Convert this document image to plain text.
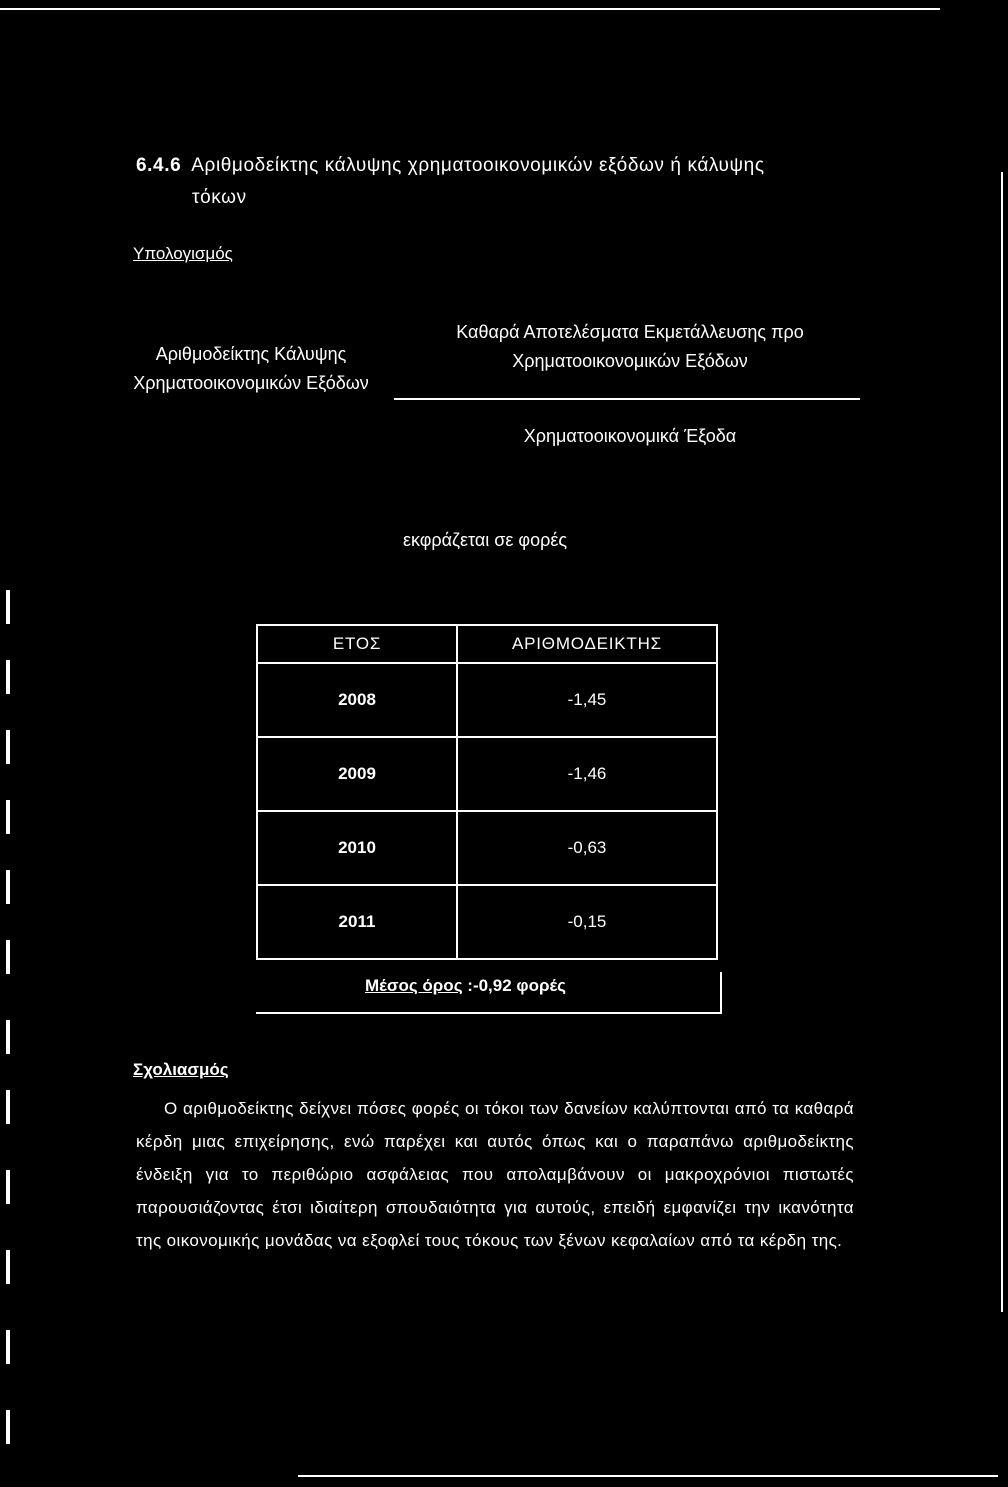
6.4.6 Αριθμοδείκτης κάλυψης χρηματοοικονομικών εξόδων ή κάλυψης
τόκων
Υπολογισμός
Αριθμοδείκτης Κάλυψης Χρηματοοικονομικών Εξόδων
Καθαρά Αποτελέσματα Εκμετάλλευσης προ Χρηματοοικονομικών Εξόδων
Χρηματοοικονομικά Έξοδα
εκφράζεται σε φορές
ΕΤΟΣ	ΑΡΙΘΜΟΔΕΙΚΤΗΣ
2008	-1,45
2009	-1,46
2010	-0,63
2011	-0,15
Μέσος όρος :-0,92 φορές
Σχολιασμός
Ο αριθμοδείκτης δείχνει πόσες φορές οι τόκοι των δανείων καλύπτονται από τα καθαρά κέρδη μιας επιχείρησης, ενώ παρέχει και αυτός όπως και ο παραπάνω αριθμοδείκτης ένδειξη για το περιθώριο ασφάλειας που απολαμβάνουν οι μακροχρόνιοι πιστωτές παρουσιάζοντας έτσι ιδιαίτερη σπουδαιότητα για αυτούς, επειδή εμφανίζει την ικανότητα της οικονομικής μονάδας να εξοφλεί τους τόκους των ξένων κεφαλαίων από τα κέρδη της.
